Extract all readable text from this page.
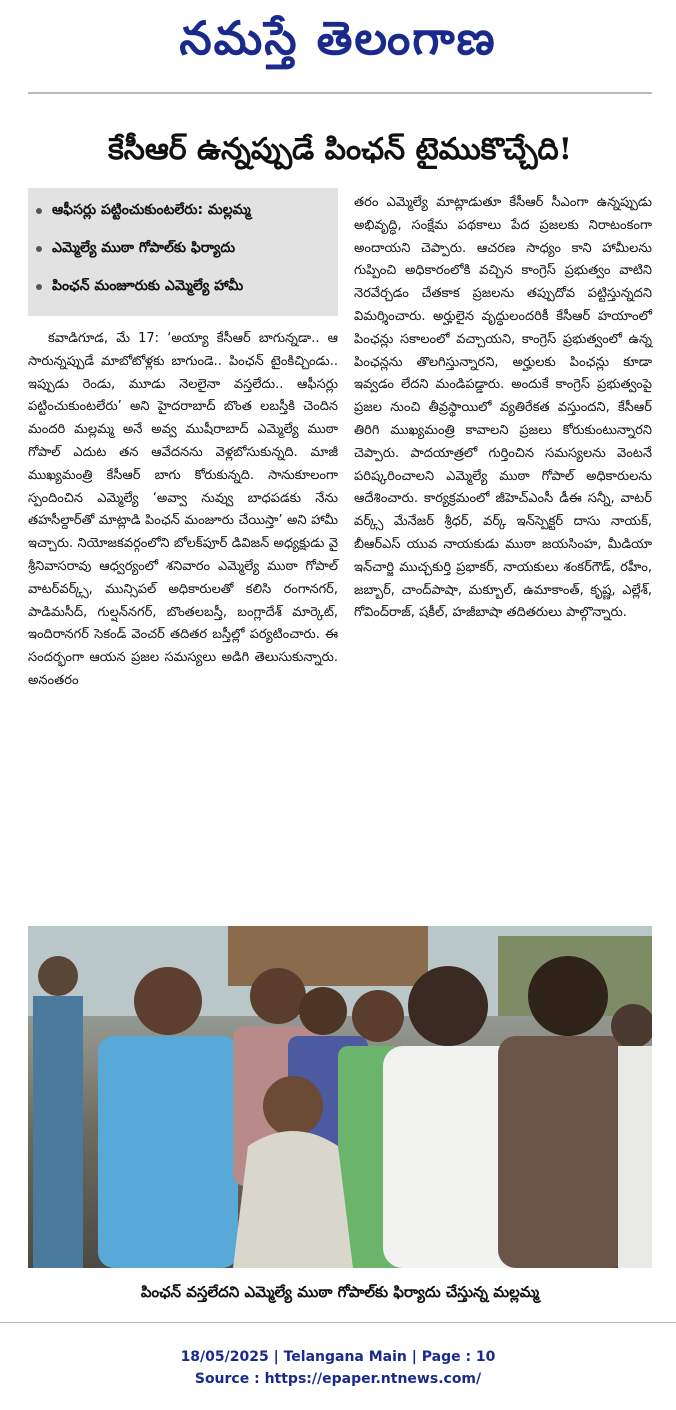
నమస్తే తెలంగాణ
కేసీఆర్ ఉన్నప్పుడే పింఛన్ టైముకొచ్చేది!
ఆఫీసర్లు పట్టించుకుంటలేరు: మల్లమ్మ
ఎమ్మెల్యే ముఠా గోపాల్‌కు ఫిర్యాదు
పింఛన్ మంజూరుకు ఎమ్మెల్యే హామీ

కవాడిగూడ, మే 17: ‘అయ్యా కేసీఆర్ బాగున్నడా.. ఆ సారున్నప్పుడే మాబోటోళ్లకు బాగుండె.. పింఛన్ టైంకిచ్చిండు.. ఇప్పుడు రెండు, మూడు నెలలైనా వస్తలేదు.. ఆఫీసర్లు పట్టించుకుంటలేరు’ అని హైదరాబాద్ బొంత లబస్తీకి చెందిన మందరి మల్లమ్మ అనే అవ్వ ముషీరాబాద్ ఎమ్మెల్యే ముఠా గోపాల్ ఎదుట తన ఆవేదనను వెళ్లబోసుకున్నది. మాజీ ముఖ్యమంత్రి కేసీఆర్ బాగు కోరుకున్నది. సానుకూలంగా స్పందించిన ఎమ్మెల్యే ‘అవ్వా నువ్వు బాధపడకు నేను తహసీల్దార్‌తో మాట్లాడి పింఛన్ మంజూరు చేయిస్తా’ అని హామీ ఇచ్చారు. నియోజకవర్గంలోని బోలక్‌పూర్ డివిజన్ అధ్యక్షుడు వై శ్రీనివాసరావు ఆధ్వర్యంలో శనివారం ఎమ్మెల్యే ముఠా గోపాల్ వాటర్‌వర్క్స్, మున్సిపల్ అధికారులతో కలిసి రంగానగర్, పాడిమసీద్, గుల్షన్‌నగర్, బొంతలబస్తీ, బంగ్లాదేశ్ మార్కెట్, ఇందిరానగర్ సెకండ్ వెంచర్ తదితర బస్తీల్లో పర్యటించారు. ఈ సందర్భంగా ఆయన ప్రజల సమస్యలు అడిగి తెలుసుకున్నారు. అనంతరం

తరం ఎమ్మెల్యే మాట్లాడుతూ కేసీఆర్ సీఎంగా ఉన్నప్పుడు అభివృద్ధి, సంక్షేమ పథకాలు పేద ప్రజలకు నిరాటంకంగా అందాయని చెప్పారు. ఆచరణ సాధ్యం కాని హామీలను గుప్పించి అధికారంలోకి వచ్చిన కాంగ్రెస్ ప్రభుత్వం వాటిని నెరవేర్చడం చేతకాక ప్రజలను తప్పుదోవ పట్టిస్తున్నదని విమర్శించారు. అర్హులైన వృద్ధులందరికీ కేసీఆర్ హయాంలో పింఛన్లు సకాలంలో వచ్చాయని, కాంగ్రెస్ ప్రభుత్వంలో ఉన్న పింఛన్లను తొలగిస్తున్నారని, అర్హులకు పింఛన్లు కూడా ఇవ్వడం లేదని మండిపడ్డారు. అందుకే కాంగ్రెస్ ప్రభుత్వంపై ప్రజల నుంచి తీవ్రస్థాయిలో వ్యతిరేకత వస్తుందని, కేసీఆర్ తిరిగి ముఖ్యమంత్రి కావాలని ప్రజలు కోరుకుంటున్నారని చెప్పారు. పాదయాత్రలో గుర్తించిన సమస్యలను వెంటనే పరిష్కరించాలని ఎమ్మెల్యే ముఠా గోపాల్ అధికారులను ఆదేశించారు. కార్యక్రమంలో జీహెచ్ఎంసీ డీఈ సన్నీ, వాటర్ వర్క్స్ మేనేజర్ శ్రీధర్, వర్క్ ఇన్‌స్పెక్టర్ దాసు నాయక్, బీఆర్ఎస్ యువ నాయకుడు ముఠా జయసింహ, మీడియా ఇన్‌చార్జి ముచ్చకుర్తి ప్రభాకర్, నాయకులు శంకర్‌గౌడ్, రహీం, జబ్బార్, చాంద్‌పాషా, మక్బూల్, ఉమాకాంత్, కృష్ణ, ఎల్లేశ్, గోవింద్‌రాజ్, షకీల్, హజీబాషా తదితరులు పాల్గొన్నారు.

పింఛన్ వస్తలేదని ఎమ్మెల్యే ముఠా గోపాల్‌కు ఫిర్యాదు చేస్తున్న మల్లమ్మ
18/05/2025 | Telangana Main | Page : 10
Source : https://epaper.ntnews.com/
